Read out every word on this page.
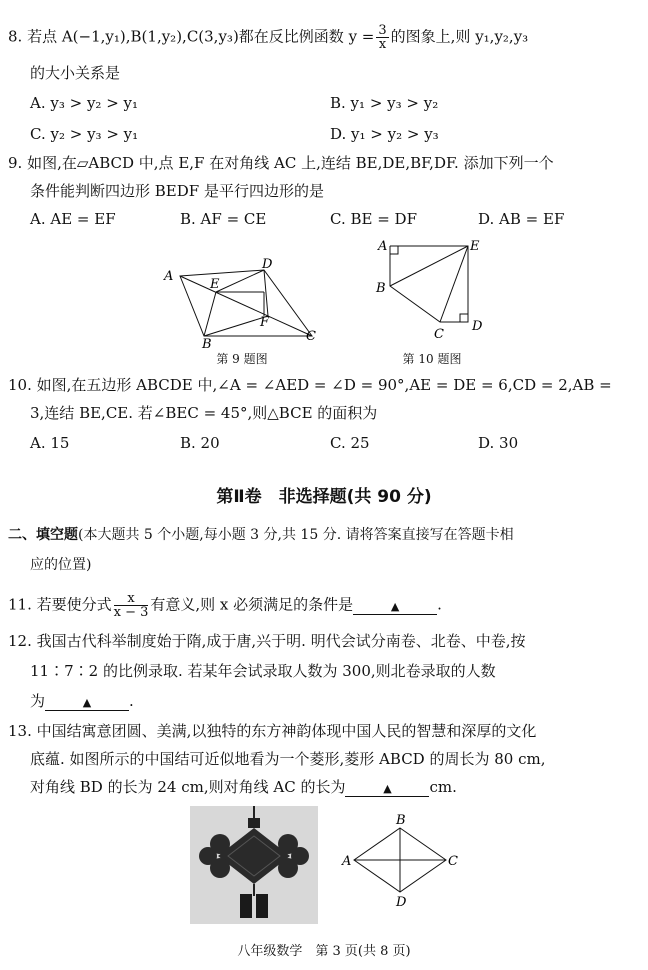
8. 若点 A(−1,y₁),B(1,y₂),C(3,y₃)都在反比例函数 $y = \frac{3}{x}$ 的图象上,则 y₁,y₂,y₃
的大小关系是
A. y₃ > y₂ > y₁	B. y₁ > y₃ > y₂
C. y₂ > y₃ > y₁	D. y₁ > y₂ > y₃
9. 如图,在▱ABCD 中,点 E,F 在对角线 AC 上,连结 BE,DE,BF,DF. 添加下列一个
条件能判断四边形 BEDF 是平行四边形的是
A. AE = EF	B. AF = CE	C. BE = DF	D. AB = EF
A
D
E
F
B
C
第 9 题图
A	E
B
C
D
第 10 题图
10. 如图,在五边形 ABCDE 中,∠A = ∠AED = ∠D = 90°,AE = DE = 6,CD = 2,AB =
3,连结 BE,CE. 若∠BEC = 45°,则△BCE 的面积为
A. 15	B. 20	C. 25	D. 30
第Ⅱ卷　非选择题(共 90 分)
二、填空题(本大题共 5 个小题,每小题 3 分,共 15 分. 请将答案直接写在答题卡相
应的位置)
11. 若要使分式 $\frac{x}{x - 3}$ 有意义,则 x 必须满足的条件是	▲	.
12. 我国古代科举制度始于隋,成于唐,兴于明. 明代会试分南卷、北卷、中卷,按
11∶7∶2 的比例录取. 若某年会试录取人数为 300,则北卷录取的人数
为	▲	.
13. 中国结寓意团圆、美满,以独特的东方神韵体现中国人民的智慧和深厚的文化
底蕴. 如图所示的中国结可近似地看为一个菱形,菱形 ABCD 的周长为 80 cm,
对角线 BD 的长为 24 cm,则对角线 AC 的长为	▲	cm.
B
A	C
D
八年级数学　第 3 页(共 8 页)
